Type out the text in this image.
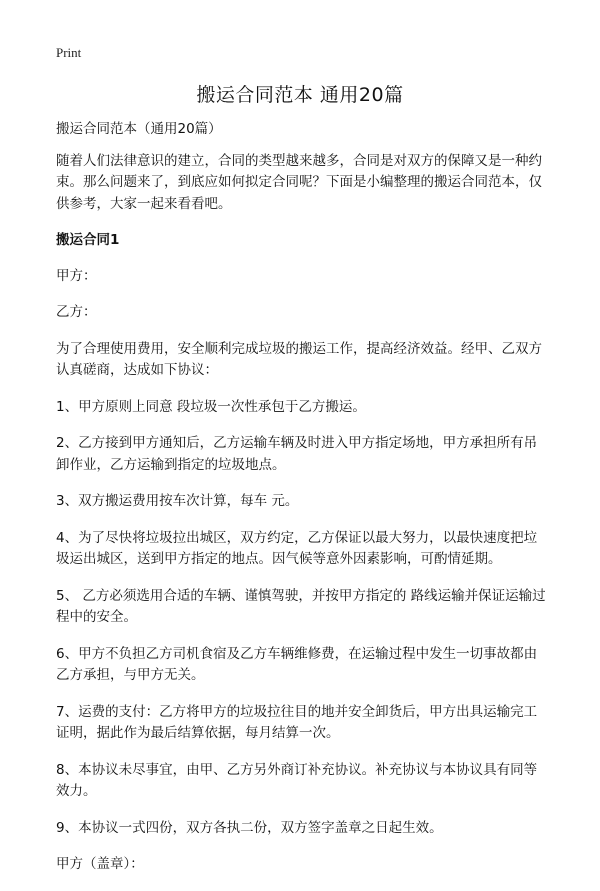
Print
搬运合同范本 通用20篇

搬运合同范本（通用20篇）

随着人们法律意识的建立，合同的类型越来越多，合同是对双方的保障又是一种约束。那么问题来了，到底应如何拟定合同呢？下面是小编整理的搬运合同范本，仅供参考，大家一起来看看吧。

搬运合同1

甲方：

乙方：

为了合理使用费用，安全顺利完成垃圾的搬运工作，提高经济效益。经甲、乙双方认真磋商，达成如下协议：

1、甲方原则上同意 段垃圾一次性承包于乙方搬运。

2、乙方接到甲方通知后，乙方运输车辆及时进入甲方指定场地，甲方承担所有吊卸作业，乙方运输到指定的垃圾地点。

3、双方搬运费用按车次计算，每车 元。

4、为了尽快将垃圾拉出城区，双方约定，乙方保证以最大努力，以最快速度把垃圾运出城区，送到甲方指定的地点。因气候等意外因素影响，可酌情延期。

5、 乙方必须选用合适的车辆、谨慎驾驶，并按甲方指定的 路线运输并保证运输过程中的安全。

6、甲方不负担乙方司机食宿及乙方车辆维修费，在运输过程中发生一切事故都由乙方承担，与甲方无关。

7、运费的支付：乙方将甲方的垃圾拉往目的地并安全卸货后，甲方出具运输完工证明，据此作为最后结算依据，每月结算一次。

8、本协议未尽事宜，由甲、乙方另外商订补充协议。补充协议与本协议具有同等效力。

9、本协议一式四份，双方各执二份，双方签字盖章之日起生效。

甲方（盖章）：
